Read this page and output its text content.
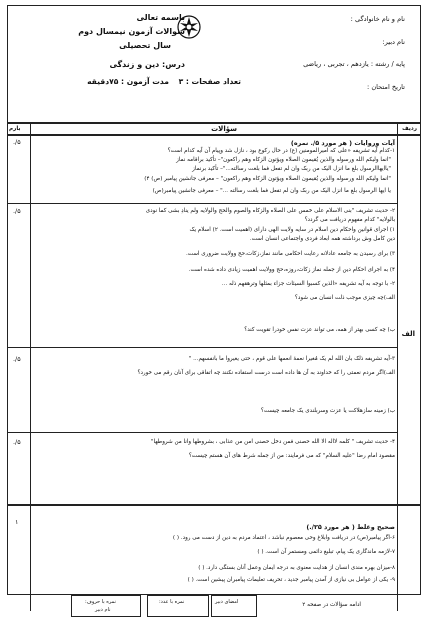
باسمه تعالی
سوالات آزمون نیمسال دوم
سال تحصیلی
درس: دین و زندگی
مدت آزمون : ۷۵دقیقه تعداد صفحات : ۳
نام و نام خانوادگی :
نام دبیر:
پایه / رشته : یازدهم ، تجربی ، ریاضی
تاریخ امتحان :
بارم	سؤالات	ردیف
آیات وروایات ( هر مورد ۵/. نمره)
۱-کدام آیه تشریفه «علی که امیرالمومنین (ع) در حال رکوع بود ، نازل شد وپیام آن آیه کدام است؟
"انما ولیکم الله ورسوله والذین یُقیمون الصلاه ویؤتون الزکاه وهم راکعون"– تأکید براقامه نماز
"یاایهاالرسول بلغ ما انزل الیک من ربک وان لم تفعل فما بلغت رسالته..."– تأکید برنماز
"انما ولیکم الله ورسوله والذین یُقیمون الصلاه ویؤتون الزکاه وهم راکعون" – معرفی جانشین پیامبر (ص) ۴)
یا ایها الرسول بلغ ما انزل الیک من ربک وان لم تفعل فما بلغت رسالته ..." – معرفی جانشین پیامبر(ص)
۵/.
۲- حدیث تشریف "بنی الاسلام علی خمس علی الصلاه والزکاه والصوم والحج والولایه ولم ینادِ بشی کما نودی
بالولایه" کدام مفهوم دریافت می گردد؟
۱) اجرای قوانین واحکام دین اسلام در سایه ولایت الهی دارای (اهمیت است. ۲) اسلام یک
دین کامل وش برداشته همه ابعاد فردی واجتماعی انسان است.
۳) برای رسیدن به جامعه عادلانه رعایت احکامی مانند نماز،زکات،حج وولایت ضروری است.
۴) به اجرای احکام دین از جمله نماز زکات،روزه،حج وولایت اهمیت زیادی داده شده است.
۲- با توجه به آیه تشریفه «الذین کسبوا السیئات جزاء بمثلها وترهقهم ذله ...
الف)چه چیزی موجب ذلت انسان می شود؟
ب) چه کسی بهتر از همه، می تواند عزت نفس خودرا تقویت کند؟
۵/.
الف
۳-آیه تشریفه ذلک بان الله لم یک مُغیرا نعمهٔ انعمها علی قوم ، حتی یغیروا ما بانفسهم... "
الف)اگر مردم نعمتی را که خداوند به آن ها داده است درست استفاده نکنند چه اتفاقی برای آنان رقم می خورد؟
ب) زمینه سازهلاکت یا عزت وسربلندی یک جامعه چیست؟
۵/.
۴- حدیث تشریف " کلمه لااله الا الله حصنی فمن دخل حصنی امن من عذابی ، بشروطها وانا من شروطها"
مقصود امام رضا "علیه السلام" که می فرمایند: من از جمله شرط های آن هستم چیست؟
۵/.
صحیح وغلط ( هر مورد ۲۵/.)
۶-اگر پیامبر(ص) در دریافت وابلاغ وحی معصوم نباشد ، اعتماد مردم به دین از دست می رود. ( )
۷-لازمه ماندگاری یک پیام، تبلیغ دائمی ومستمر آن است. ( )
۸-میزان بهره مندی انسان از هدایت معنوی به درجه ایمان وعمل آنان بستگی دارد. ( )
۹- یکی از عوامل بی نیازی از آمدن پیامبر جدید ، تحریف تعلیمات پیامبران پیشین است. ( )
۱
نمره با حروف:
نام دبیر
نمره با عدد:	امضای دبیر	ادامه سؤالات در صفحه ۲
